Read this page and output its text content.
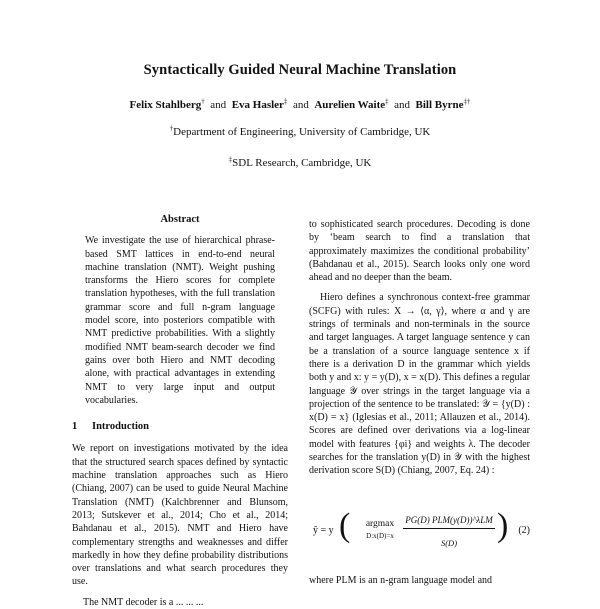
Syntactically Guided Neural Machine Translation
Felix Stahlberg† and Eva Hasler‡ and Aurelien Waite‡ and Bill Byrne‡†
†Department of Engineering, University of Cambridge, UK
‡SDL Research, Cambridge, UK
Abstract

We investigate the use of hierarchical phrase-based SMT lattices in end-to-end neural machine translation (NMT). Weight pushing transforms the Hiero scores for complete translation hypotheses, with the full translation grammar score and full n-gram language model score, into posteriors compatible with NMT predictive probabilities. With a slightly modified NMT beam-search decoder we find gains over both Hiero and NMT decoding alone, with practical advantages in extending NMT to very large input and output vocabularies.

1 Introduction

We report on investigations motivated by the idea that the structured search spaces defined by syntactic machine translation approaches such as Hiero (Chiang, 2007) can be used to guide Neural Machine Translation (NMT) (Kalchbrenner and Blunsom, 2013; Sutskever et al., 2014; Cho et al., 2014; Bahdanau et al., 2015). NMT and Hiero have complementary strengths and weaknesses and differ markedly in how they define probability distributions over translations and what search procedures they use.

The NMT decoder is a ... ... ...

to sophisticated search procedures. Decoding is done by ‘beam search to find a translation that approximately maximizes the conditional probability’ (Bahdanau et al., 2015). Search looks only one word ahead and no deeper than the beam.

Hiero defines a synchronous context-free grammar (SCFG) with rules: X → ⟨α, γ⟩, where α and γ are strings of terminals and non-terminals in the source and target languages. A target language sentence y can be a translation of a source language sentence x if there is a derivation D in the grammar which yields both y and x: y = y(D), x = x(D). This defines a regular language 𝒴 over strings in the target language via a projection of the sentence to be translated: 𝒴 = {y(D) : x(D) = x} (Iglesias et al., 2011; Allauzen et al., 2014). Scores are defined over derivations via a log-linear model with features {φi} and weights λ. The decoder searches for the translation y(D) in 𝒴 with the highest derivation score S(D) (Chiang, 2007, Eq. 24) :

ŷ = y (	argmax
D:x(D)=x
PG(D) PLM(y(D))^λLM
S(D)	) (2)

where PLM is an n-gram language model and
